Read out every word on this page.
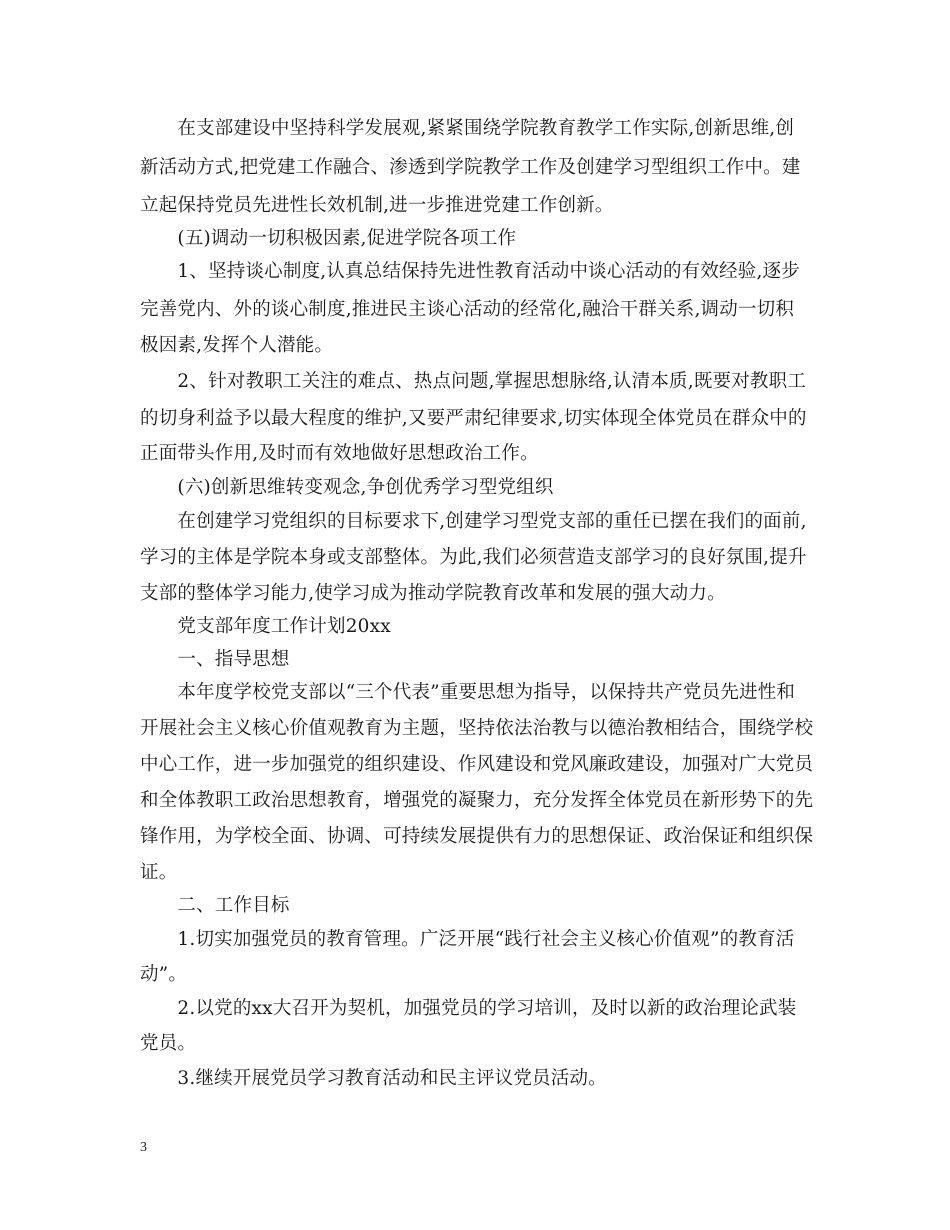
　　在支部建设中坚持科学发展观,紧紧围绕学院教育教学工作实际,创新思维,创
新活动方式,把党建工作融合、渗透到学院教学工作及创建学习型组织工作中。建
立起保持党员先进性长效机制,进一步推进党建工作创新。
　　(五)调动一切积极因素,促进学院各项工作
　　1、坚持谈心制度,认真总结保持先进性教育活动中谈心活动的有效经验,逐步
完善党内、外的谈心制度,推进民主谈心活动的经常化,融洽干群关系,调动一切积
极因素,发挥个人潜能。
　　2、针对教职工关注的难点、热点问题,掌握思想脉络,认清本质,既要对教职工
的切身利益予以最大程度的维护,又要严肃纪律要求,切实体现全体党员在群众中的
正面带头作用,及时而有效地做好思想政治工作。
　　(六)创新思维转变观念,争创优秀学习型党组织
　　在创建学习党组织的目标要求下,创建学习型党支部的重任已摆在我们的面前,
学习的主体是学院本身或支部整体。为此,我们必须营造支部学习的良好氛围,提升
支部的整体学习能力,使学习成为推动学院教育改革和发展的强大动力。
　　党支部年度工作计划20xx
　　一、指导思想
　　本年度学校党支部以“三个代表”重要思想为指导，以保持共产党员先进性和
开展社会主义核心价值观教育为主题，坚持依法治教与以德治教相结合，围绕学校
中心工作，进一步加强党的组织建设、作风建设和党风廉政建设，加强对广大党员
和全体教职工政治思想教育，增强党的凝聚力，充分发挥全体党员在新形势下的先
锋作用，为学校全面、协调、可持续发展提供有力的思想保证、政治保证和组织保
证。
　　二、工作目标
　　1.切实加强党员的教育管理。广泛开展“践行社会主义核心价值观”的教育活
动”。
　　2.以党的xx大召开为契机，加强党员的学习培训，及时以新的政治理论武装
党员。
　　3.继续开展党员学习教育活动和民主评议党员活动。
3
